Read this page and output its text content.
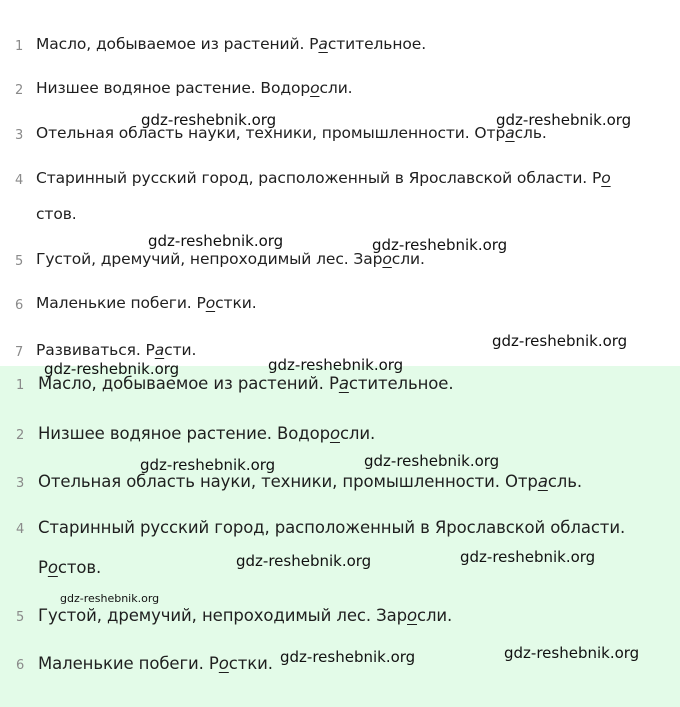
1 Масло, добываемое из растений. Растительное.
2 Низшее водяное растение. Водоросли.
3 Отельная область науки, техники, промышленности. Отрасль.
4 Старинный русский город, расположенный в Ярославской области. Ро
стов.
5 Густой, дремучий, непроходимый лес. Заросли.
6 Маленькие побеги. Ростки.
7 Развиваться. Расти.
1 Масло, добываемое из растений. Растительное.
2 Низшее водяное растение. Водоросли.
3 Отельная область науки, техники, промышленности. Отрасль.
4 Старинный русский город, расположенный в Ярославской области.
Ростов.
5 Густой, дремучий, непроходимый лес. Заросли.
6 Маленькие побеги. Ростки.
gdz-reshebnik.org	gdz-reshebnik.org
gdz-reshebnik.org	gdz-reshebnik.org
gdz-reshebnik.org
gdz-reshebnik.org
gdz-reshebnik.org
gdz-reshebnik.org	gdz-reshebnik.org
gdz-reshebnik.org	gdz-reshebnik.org
gdz-reshebnik.org
gdz-reshebnik.org	gdz-reshebnik.org
